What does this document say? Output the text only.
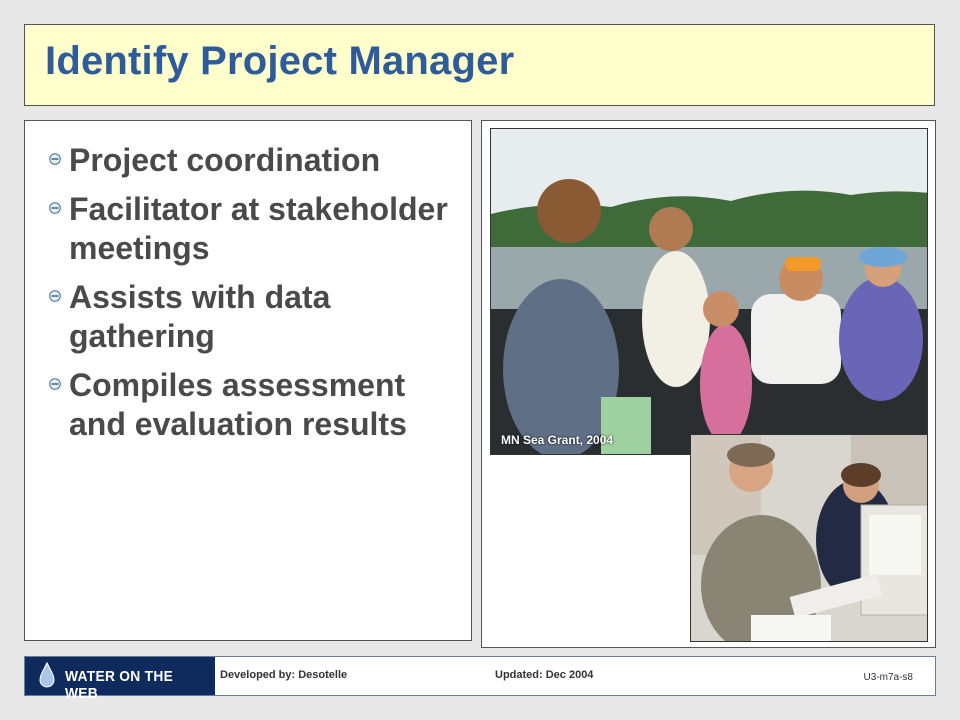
Identify Project Manager
Project coordination
Facilitator at stakeholder meetings
Assists with data gathering
Compiles assessment and evaluation results	MN Sea Grant, 2004
WATER ON THE WEB
Developed by: Desotelle	Updated: Dec 2004	U3-m7a-s8
